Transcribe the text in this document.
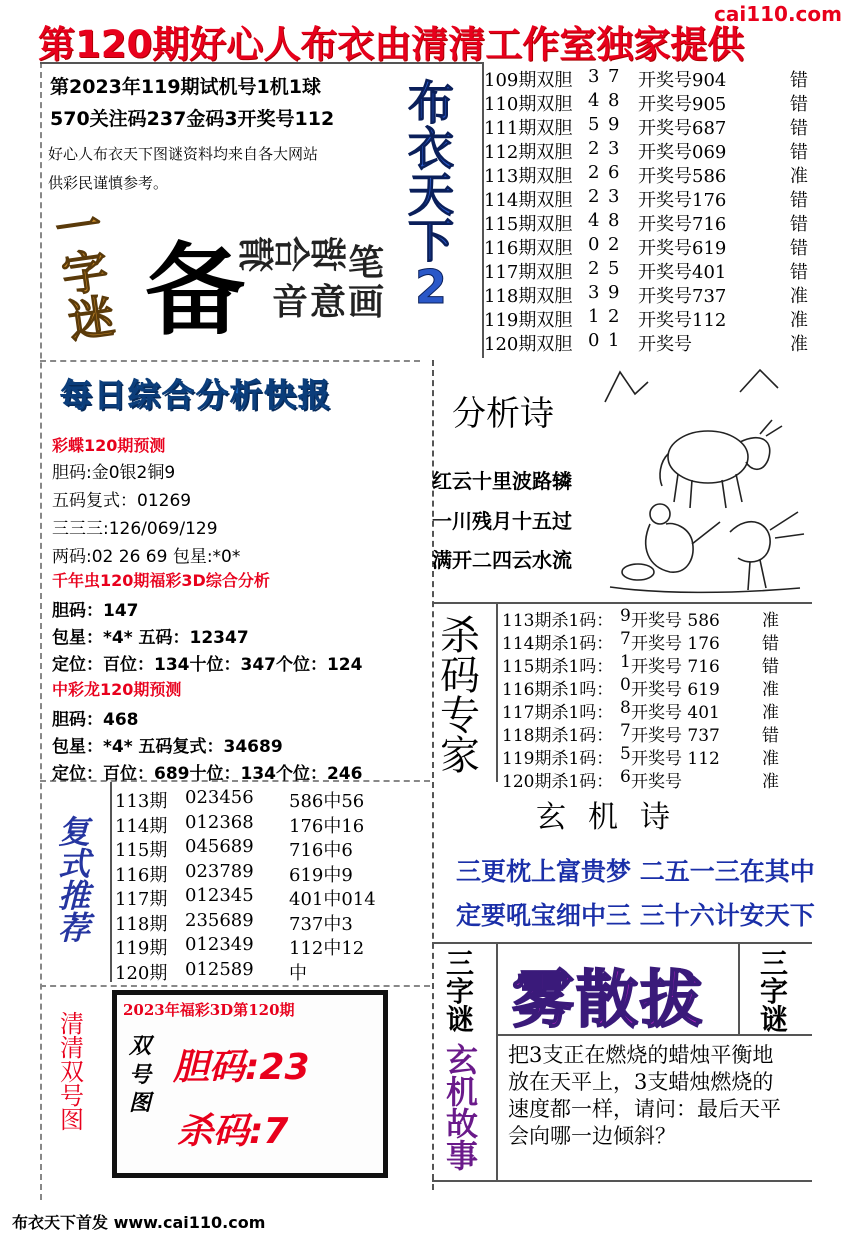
第120期好心人布衣由清清工作室独家提供
cai110.com
第2023年119期试机号1机1球
570关注码237金码3开奖号112
好心人布衣天下图谜资料均来自各大网站
供彩民谨慎参考。
一
字
迷 备 谐
合
猜
音 意 画
笔
布
衣
天
下
2
109期双胆 3 7	开奖号904	错
110期双胆 4 8	开奖号905	错
111期双胆 5 9	开奖号687	错
112期双胆 2 3	开奖号069	错
113期双胆 2 6	开奖号586	准
114期双胆 2 3	开奖号176	错
115期双胆 4 8	开奖号716	错
116期双胆 0 2	开奖号619	错
117期双胆 2 5	开奖号401	错
118期双胆 3 9	开奖号737	准
119期双胆 1 2	开奖号112	准
120期双胆 0 1	开奖号	准
每日综合分析快报
彩蝶120期预测
胆码:金0银2铜9
五码复式：01269
三三三:126/069/129
两码:02 26 69 包星:*0*
千年虫120期福彩3D综合分析
胆码：147
包星：*4* 五码：12347
定位：百位：134十位：347个位：124
中彩龙120期预测
胆码：468
包星：*4* 五码复式：34689
定位：百位：689十位：134个位：246
分析诗
红云十里波路辚
一川残月十五过
满开二四云水流
杀
码
专
家
113期杀1码： 9 开奖号 586	准
114期杀1码： 7 开奖号 176	错
115期杀1吗： 1 开奖号 716	错
116期杀1吗： 0 开奖号 619	准
117期杀1吗： 8 开奖号 401	准
118期杀1码： 7 开奖号 737	错
119期杀1码： 5 开奖号 112	准
120期杀1码： 6 开奖号	准
复
式
推
荐
113期 023456	586中56
114期 012368	176中16
115期 045689	716中6
116期 023789	619中9
117期 012345	401中014
118期 235689	737中3
119期 012349	112中12
120期 012589	中
玄机诗
三更枕上富贵梦 二五一三在其中
定要吼宝细中三 三十六计安天下
三
字
谜 雾散拔 三
字
谜
玄
机
故
事
把3支正在燃烧的蜡烛平衡地放在天平上，3支蜡烛燃烧的速度都一样，请问：最后天平会向哪一边倾斜？
清
清
双
号
图
2023年福彩3D第120期
双
号
图
胆码:23
杀码:7
布衣天下首发 www.cai110.com
